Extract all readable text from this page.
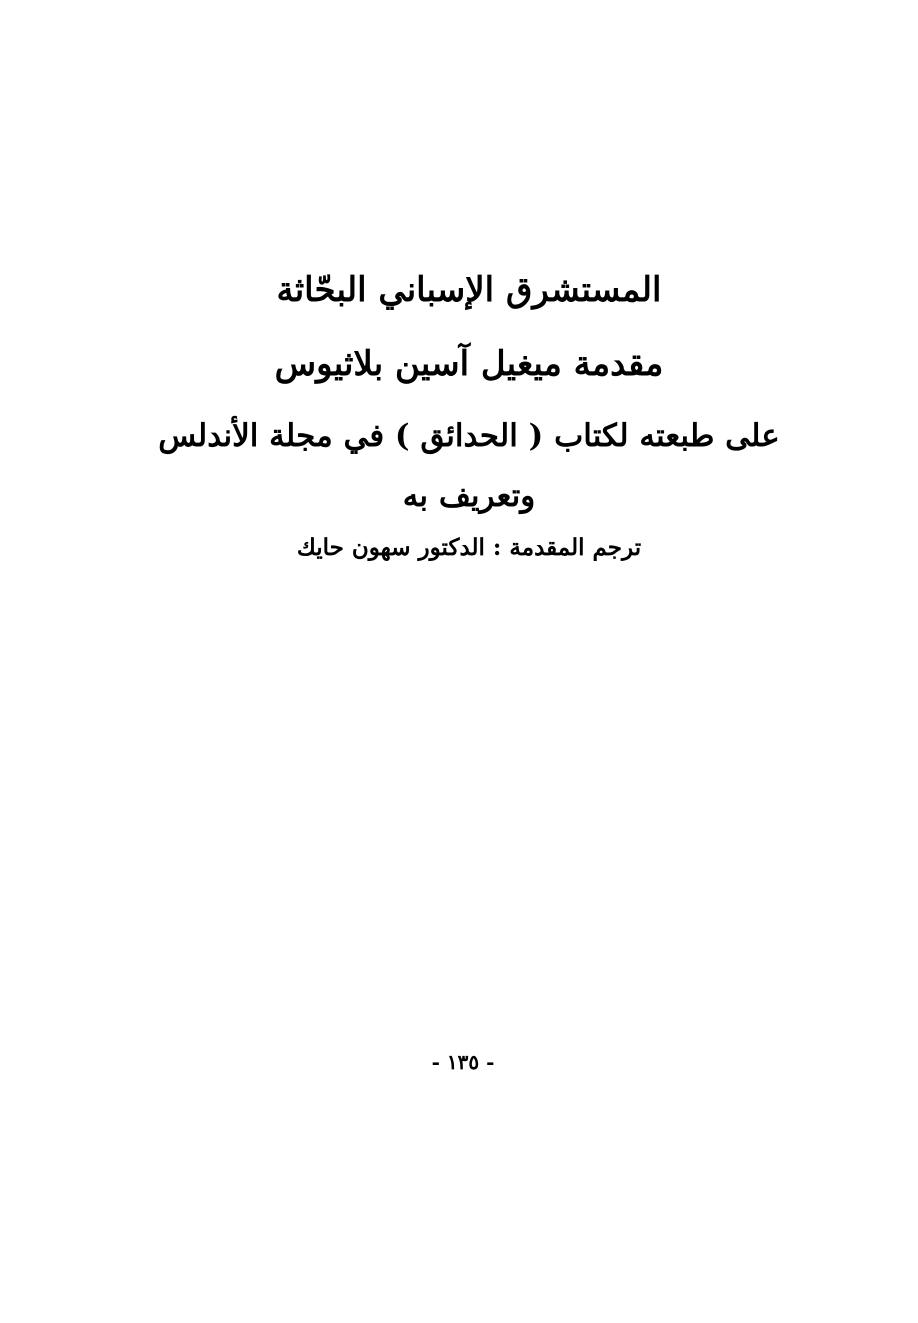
المستشرق الإسباني البحّاثة
مقدمة ميغيل آسين بلاثيوس
على طبعته لكتاب ( الحدائق ) في مجلة الأندلس
وتعريف به
ترجم المقدمة : الدكتور سهون حايك
- ١٣٥ -
